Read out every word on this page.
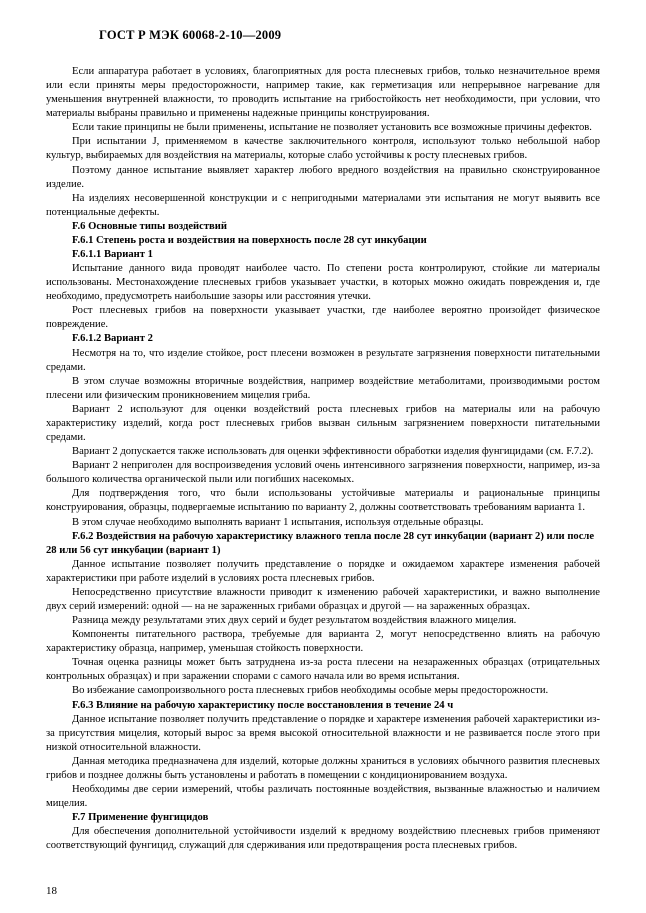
ГОСТ Р МЭК 60068-2-10—2009

Если аппаратура работает в условиях, благоприятных для роста плесневых грибов, только незначительное время или если приняты меры предосторожности, например такие, как герметизация или непрерывное нагревание для уменьшения внутренней влажности, то проводить испытание на грибостойкость нет необходимости, при условии, что материалы выбраны правильно и применены надежные принципы конструирования.

Если такие принципы не были применены, испытание не позволяет установить все возможные причины дефектов.

При испытании J, применяемом в качестве заключительного контроля, используют только небольшой набор культур, выбираемых для воздействия на материалы, которые слабо устойчивы к росту плесневых грибов.

Поэтому данное испытание выявляет характер любого вредного воздействия на правильно сконструированное изделие.

На изделиях несовершенной конструкции и с непригодными материалами эти испытания не могут выявить все потенциальные дефекты.

F.6 Основные типы воздействий
F.6.1 Степень роста и воздействия на поверхность после 28 сут инкубации
F.6.1.1 Вариант 1

Испытание данного вида проводят наиболее часто. По степени роста контролируют, стойкие ли материалы использованы. Местонахождение плесневых грибов указывает участки, в которых можно ожидать повреждения и, где необходимо, предусмотреть наибольшие зазоры или расстояния утечки.

Рост плесневых грибов на поверхности указывает участки, где наиболее вероятно произойдет физическое повреждение.

F.6.1.2 Вариант 2

Несмотря на то, что изделие стойкое, рост плесени возможен в результате загрязнения поверхности питательными средами.

В этом случае возможны вторичные воздействия, например воздействие метаболитами, производимыми ростом плесени или физическим проникновением мицелия гриба.

Вариант 2 используют для оценки воздействий роста плесневых грибов на материалы или на рабочую характеристику изделий, когда рост плесневых грибов вызван сильным загрязнением поверхности питательными средами.

Вариант 2 допускается также использовать для оценки эффективности обработки изделия фунгицидами (см. F.7.2).

Вариант 2 неприголен для воспроизведения условий очень интенсивного загрязнения поверхности, например, из-за большого количества органической пыли или погибших насекомых.

Для подтверждения того, что были использованы устойчивые материалы и рациональные принципы конструирования, образцы, подвергаемые испытанию по варианту 2, должны соответствовать требованиям варианта 1.

В этом случае необходимо выполнять вариант 1 испытания, используя отдельные образцы.

F.6.2 Воздействия на рабочую характеристику влажного тепла после 28 сут инкубации (вариант 2) или после 28 или 56 сут инкубации (вариант 1)

Данное испытание позволяет получить представление о порядке и ожидаемом характере изменения рабочей характеристики при работе изделий в условиях роста плесневых грибов.

Непосредственно присутствие влажности приводит к изменению рабочей характеристики, и важно выполнение двух серий измерений: одной — на не зараженных грибами образцах и другой — на зараженных образцах.

Разница между результатами этих двух серий и будет результатом воздействия влажного мицелия.

Компоненты питательного раствора, требуемые для варианта 2, могут непосредственно влиять на рабочую характеристику образца, например, уменьшая стойкость поверхности.

Точная оценка разницы может быть затруднена из-за роста плесени на незараженных образцах (отрицательных контрольных образцах) и при заражении спорами с самого начала или во время испытания.

Во избежание самопроизвольного роста плесневых грибов необходимы особые меры предосторожности.

F.6.3 Влияние на рабочую характеристику после восстановления в течение 24 ч

Данное испытание позволяет получить представление о порядке и характере изменения рабочей характеристики из-за присутствия мицелия, который вырос за время высокой относительной влажности и не развивается после этого при низкой относительной влажности.

Данная методика предназначена для изделий, которые должны храниться в условиях обычного развития плесневых грибов и позднее должны быть установлены и работать в помещении с кондиционированием воздуха.

Необходимы две серии измерений, чтобы различать постоянные воздействия, вызванные влажностью и наличием мицелия.

F.7 Применение фунгицидов

Для обеспечения дополнительной устойчивости изделий к вредному воздействию плесневых грибов применяют соответствующий фунгицид, служащий для сдерживания или предотвращения роста плесневых грибов.

18
